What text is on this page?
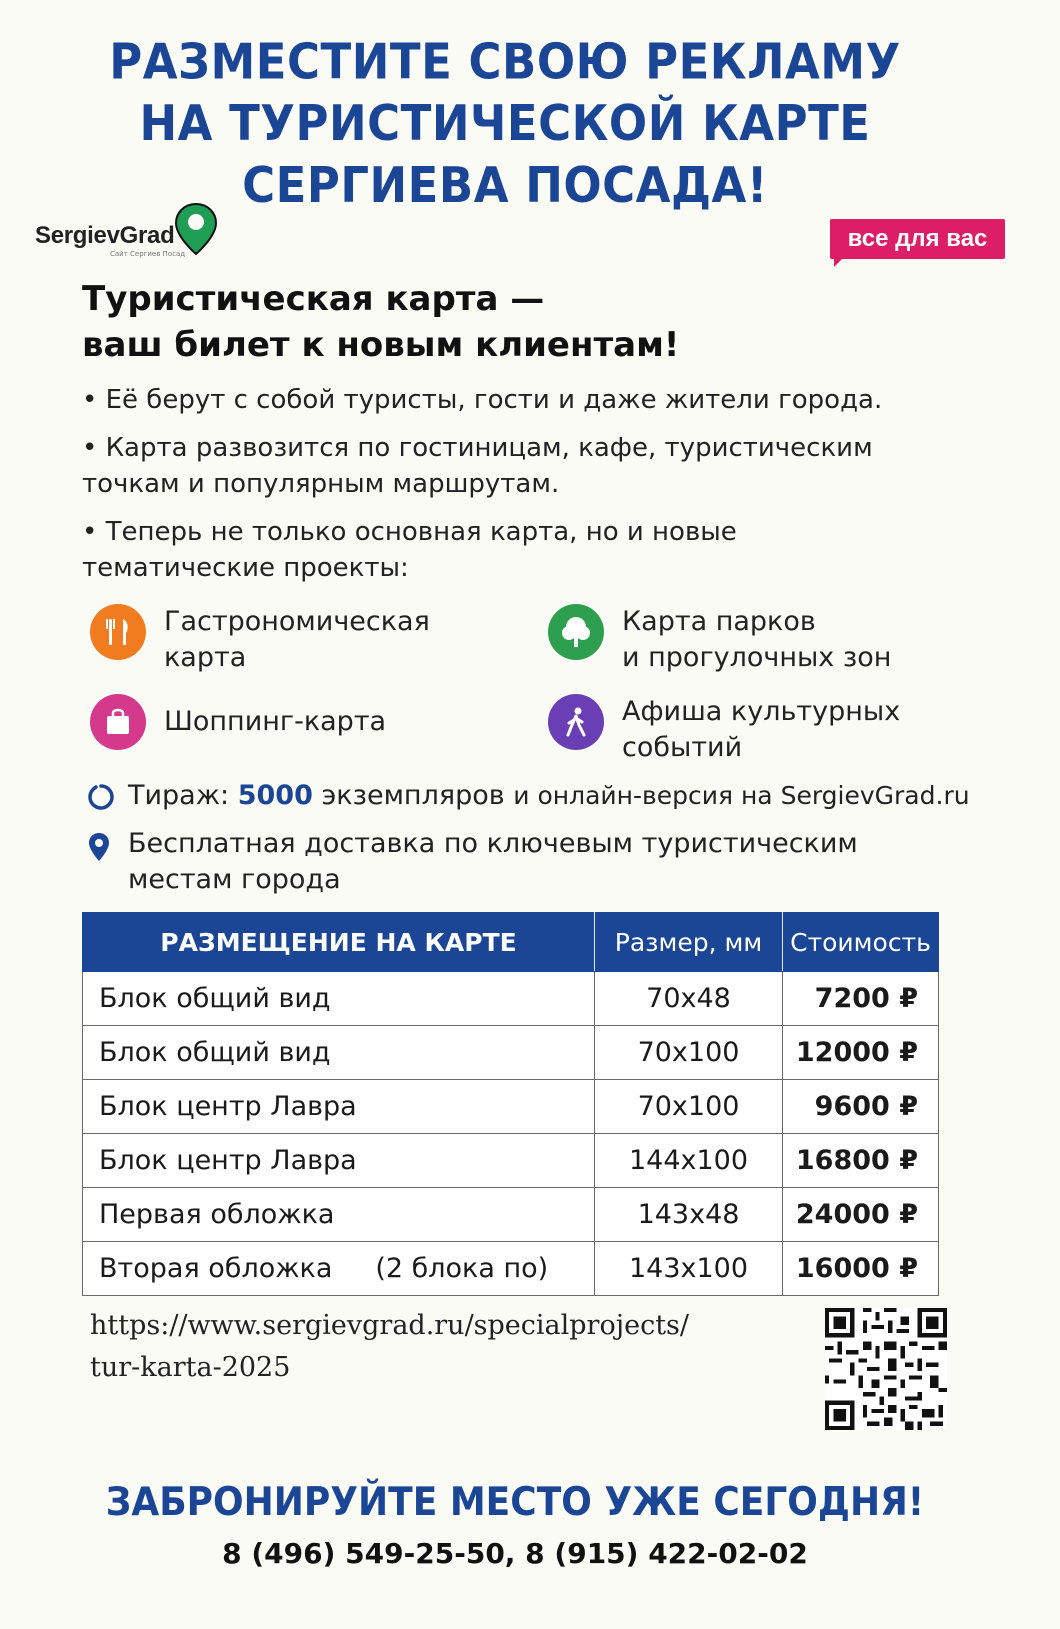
РАЗМЕСТИТЕ СВОЮ РЕКЛАМУ
НА ТУРИСТИЧЕСКОЙ КАРТЕ
СЕРГИЕВА ПОСАДА!
SergievGrad
Сайт Сергиев Посад
все для вас
Туристическая карта —
ваш билет к новым клиентам!
• Её берут с собой туристы, гости и даже жители города.
• Карта развозится по гостиницам, кафе, туристическим
точкам и популярным маршрутам.
• Теперь не только основная карта, но и новые
тематические проекты:
Гастрономическая
карта
Карта парков
и прогулочных зон
Шоппинг-карта	Афиша культурных
событий
Тираж: 5000 экземпляров и онлайн-версия на SergievGrad.ru
Бесплатная доставка по ключевым туристическим
местам города
РАЗМЕЩЕНИЕ НА КАРТЕ	Размер, мм	Стоимость
Блок общий вид	70x48	7200 ₽
Блок общий вид	70x100	12000 ₽
Блок центр Лавра	70x100	9600 ₽
Блок центр Лавра	144x100	16800 ₽
Первая обложка	143x48	24000 ₽
Вторая обложка     (2 блока по)	143x100	16000 ₽
https://www.sergievgrad.ru/specialprojects/
tur-karta-2025
ЗАБРОНИРУЙТЕ МЕСТО УЖЕ СЕГОДНЯ!
8 (496) 549-25-50, 8 (915) 422-02-02
